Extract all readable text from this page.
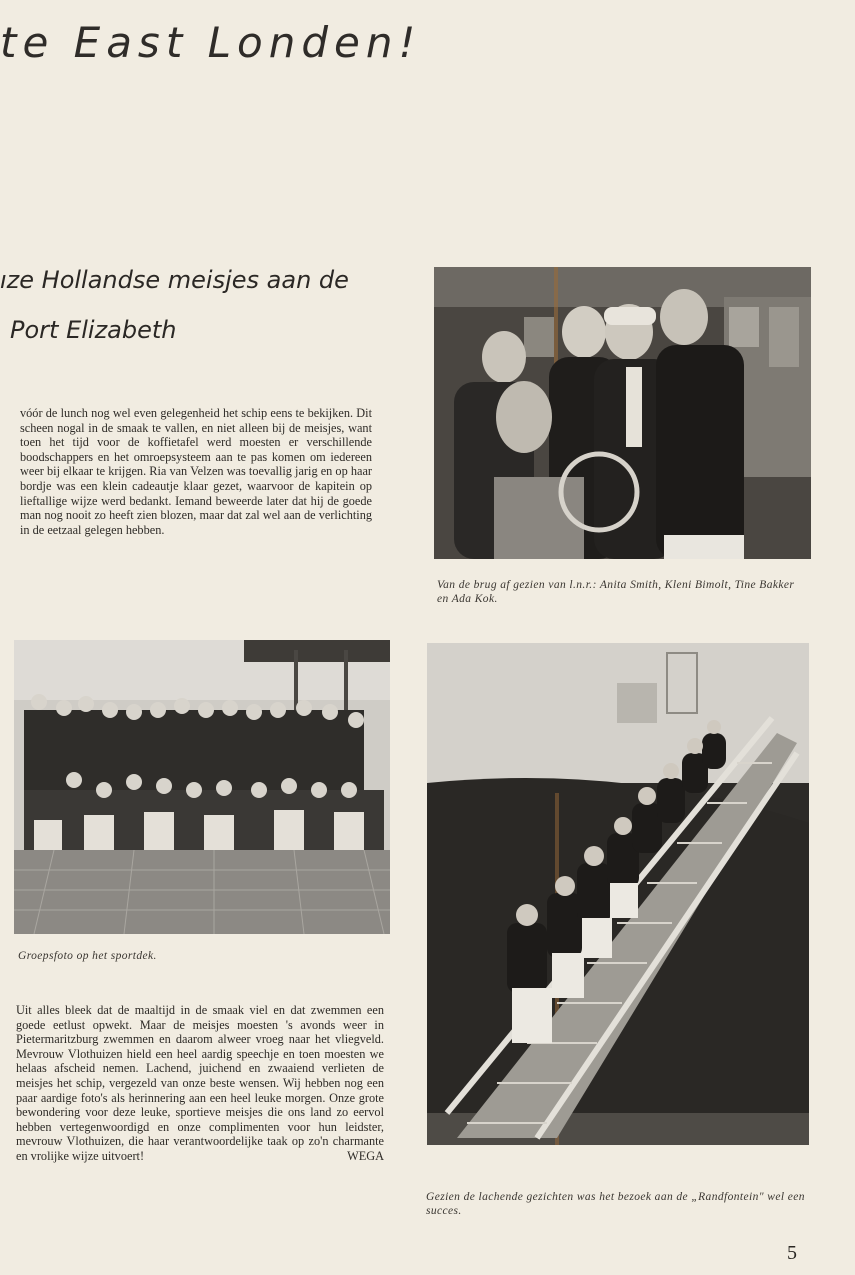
te East Londen!
ıze Hollandse meisjes aan de
Port Elizabeth

vóór de lunch nog wel even gelegenheid het schip eens te bekijken. Dit scheen nogal in de smaak te vallen, en niet alleen bij de meisjes, want toen het tijd voor de koffietafel werd moesten er verschillende boodschappers en het omroepsysteem aan te pas komen om iedereen weer bij elkaar te krijgen. Ria van Velzen was toevallig jarig en op haar bordje was een klein cadeautje klaar gezet, waarvoor de kapitein op lieftallige wijze werd bedankt. Iemand beweerde later dat hij de goede man nog nooit zo heeft zien blozen, maar dat zal wel aan de verlichting in de eetzaal gelegen hebben.

Van de brug af gezien van l.n.r.: Anita Smith, Kleni Bimolt, Tine Bakker en Ada Kok.

Groepsfoto op het sportdek.

Gezien de lachende gezichten was het bezoek aan de „Randfontein" wel een succes.

Uit alles bleek dat de maaltijd in de smaak viel en dat zwemmen een goede eetlust opwekt. Maar de meisjes moesten 's avonds weer in Pietermaritzburg zwemmen en daarom alweer vroeg naar het vliegveld. Mevrouw Vlothuizen hield een heel aardig speechje en toen moesten we helaas afscheid nemen. Lachend, juichend en zwaaiend verlieten de meisjes het schip, vergezeld van onze beste wensen. Wij hebben nog een paar aardige foto's als herinnering aan een heel leuke morgen. Onze grote bewondering voor deze leuke, sportieve meisjes die ons land zo eervol hebben vertegenwoordigd en onze complimenten voor hun leidster, mevrouw Vlothuizen, die haar verantwoordelijke taak op zo'n charmante en vrolijke wijze uitvoert!	WEGA

5
